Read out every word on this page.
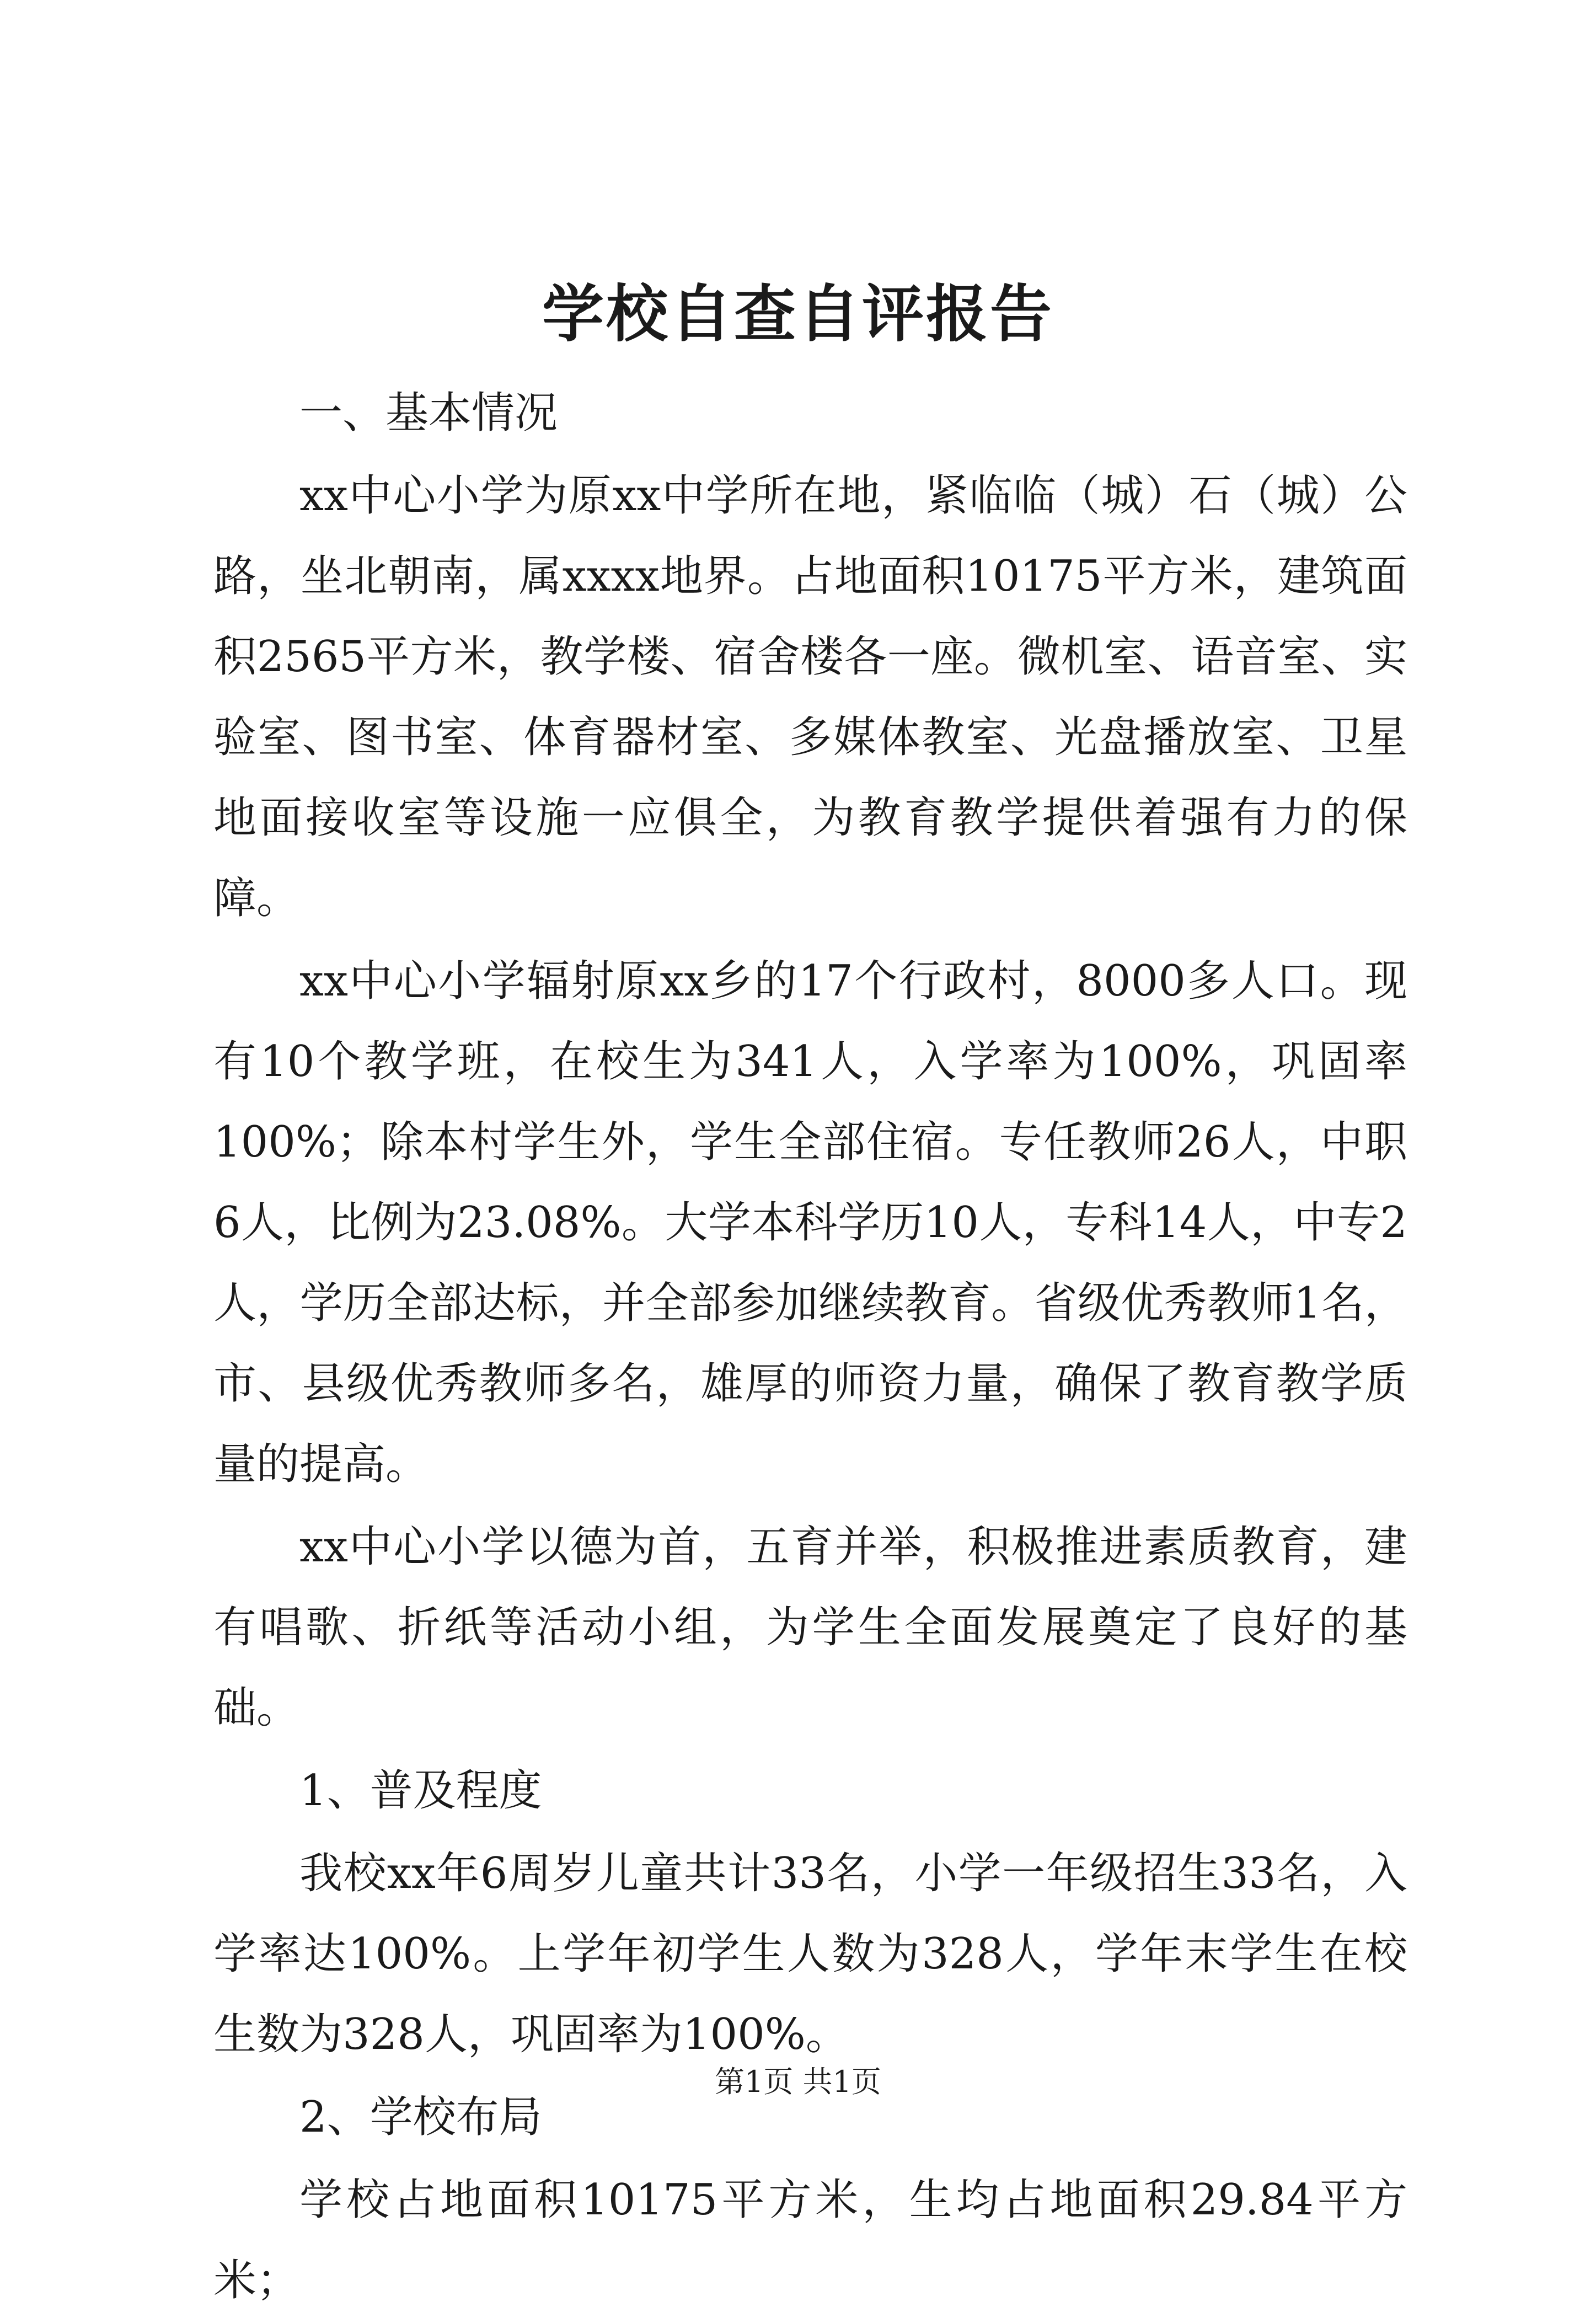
学校自查自评报告

一、基本情况

xx中心小学为原xx中学所在地，紧临临（城）石（城）公路，坐北朝南，属xxxx地界。占地面积10175平方米，建筑面积2565平方米，教学楼、宿舍楼各一座。微机室、语音室、实验室、图书室、体育器材室、多媒体教室、光盘播放室、卫星地面接收室等设施一应俱全，为教育教学提供着强有力的保障。

xx中心小学辐射原xx乡的17个行政村，8000多人口。现有10个教学班，在校生为341人，入学率为100%，巩固率100%；除本村学生外，学生全部住宿。专任教师26人，中职6人，比例为23.08%。大学本科学历10人，专科14人，中专2人，学历全部达标，并全部参加继续教育。省级优秀教师1名，市、县级优秀教师多名，雄厚的师资力量，确保了教育教学质量的提高。

xx中心小学以德为首，五育并举，积极推进素质教育，建有唱歌、折纸等活动小组，为学生全面发展奠定了良好的基础。

1、普及程度

我校xx年6周岁儿童共计33名，小学一年级招生33名，入学率达100%。上学年初学生人数为328人，学年末学生在校生数为328人，巩固率为100%。

2、学校布局

学校占地面积10175平方米，生均占地面积29.84平方米；

第1页 共1页
